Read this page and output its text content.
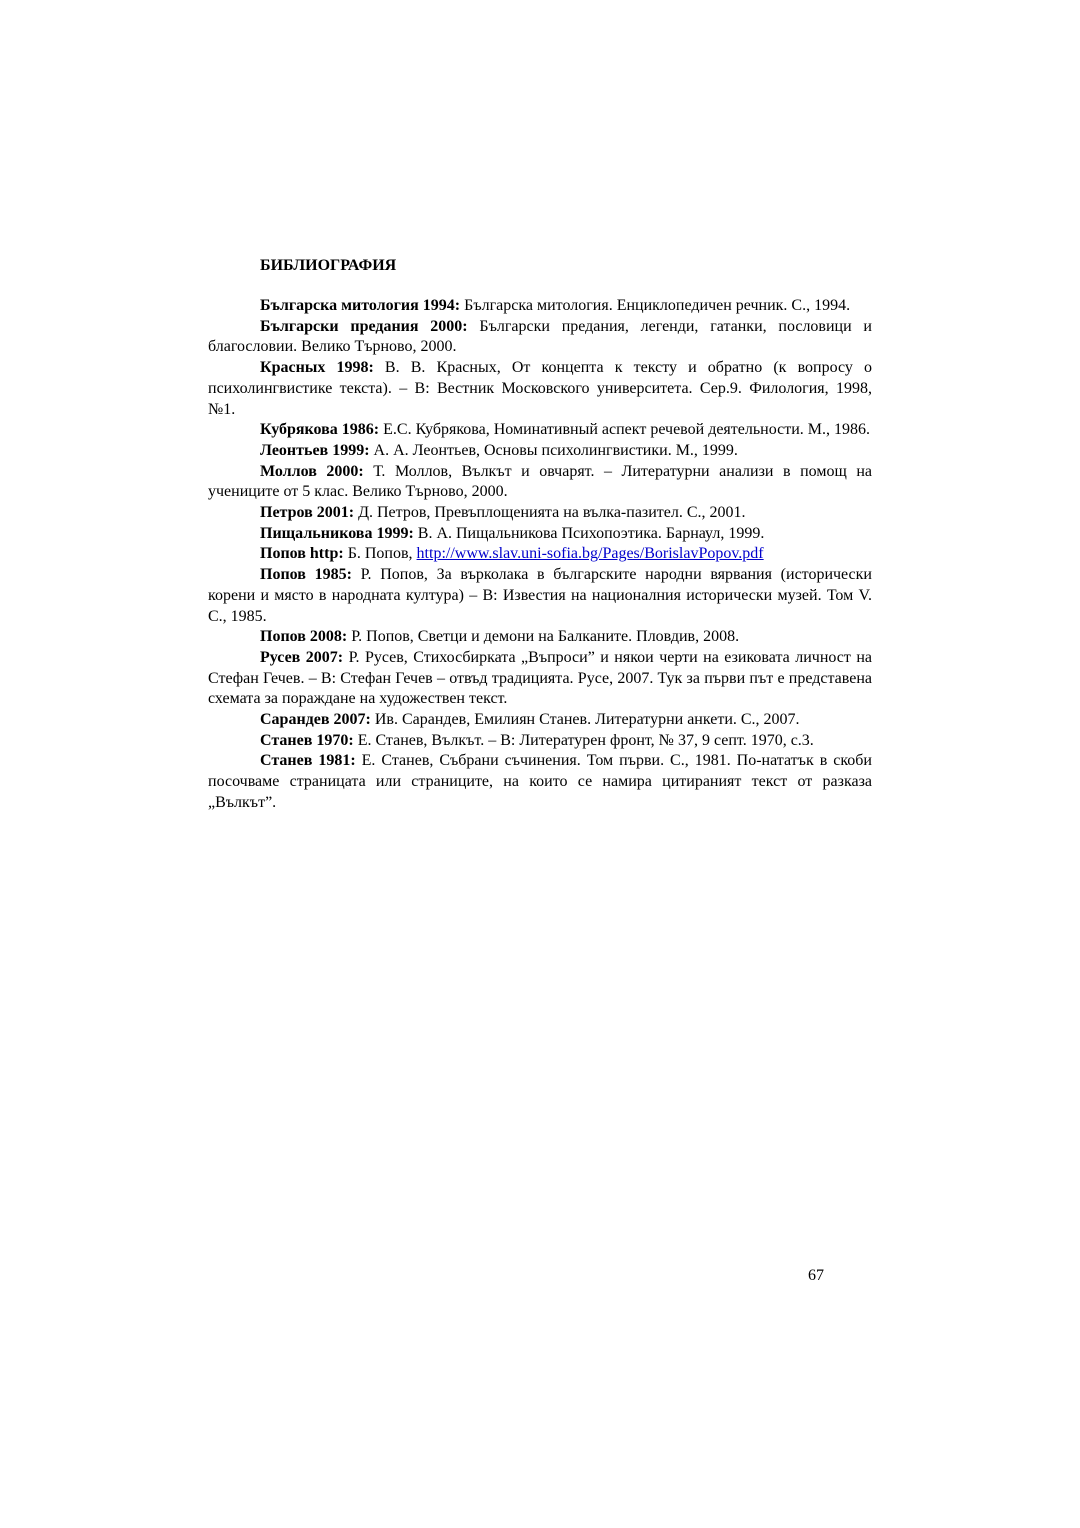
БИБЛИОГРАФИЯ

Българска митология 1994: Българска митология. Енциклопедичен речник. С., 1994.

Български предания 2000: Български предания, легенди, гатанки, пословици и благословии. Велико Търново, 2000.

Красных 1998: В. В. Красных, От концепта к тексту и обратно (к вопросу о психолингвистике текста). – В: Вестник Московского университета. Сер.9. Филология, 1998, №1.

Кубрякова 1986: Е.С. Кубрякова, Номинативный аспект речевой деятельности. М., 1986.

Леонтьев 1999: А. А. Леонтьев, Основы психолингвистики. М., 1999.

Моллов 2000: Т. Моллов, Вълкът и овчарят. – Литературни анализи в помощ на учениците от 5 клас. Велико Търново, 2000.

Петров 2001: Д. Петров, Превъплощенията на вълка-пазител. С., 2001.

Пищальникова 1999: В. А. Пищальникова Психопоэтика. Барнаул, 1999.

Попов http: Б. Попов, http://www.slav.uni-sofia.bg/Pages/BorislavPopov.pdf

Попов 1985: Р. Попов, За върколака в българските народни вярвания (исторически корени и място в народната култура) – В: Известия на националния исторически музей. Том V. С., 1985.

Попов 2008: Р. Попов, Светци и демони на Балканите. Пловдив, 2008.

Русев 2007: Р. Русев, Стихосбирката „Въпроси” и някои черти на езиковата личност на Стефан Гечев. – В: Стефан Гечев – отвъд традицията. Русе, 2007. Тук за първи път е представена схемата за пораждане на художествен текст.

Сарандев 2007: Ив. Сарандев, Емилиян Станев. Литературни анкети. С., 2007.

Станев 1970: Е. Станев, Вълкът. – В: Литературен фронт, № 37, 9 септ. 1970, с.3.

Станев 1981: Е. Станев, Събрани съчинения. Том първи. С., 1981. По-нататък в скоби посочваме страницата или страниците, на които се намира цитираният текст от разказа „Вълкът”.

67
